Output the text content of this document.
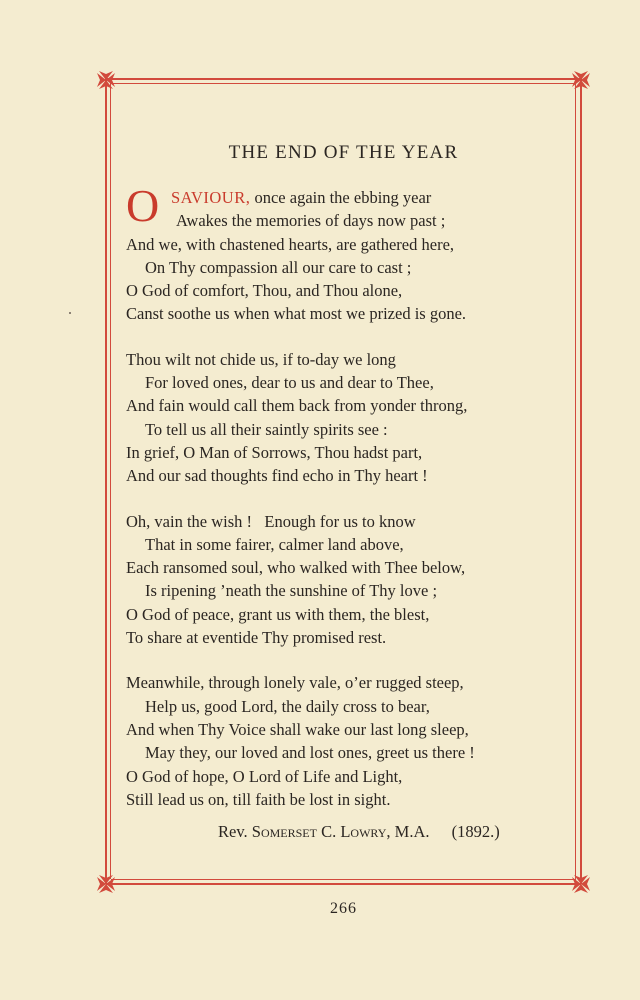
THE END OF THE YEAR
O SAVIOUR, once again the ebbing year
Awakes the memories of days now past ;
And we, with chastened hearts, are gathered here,
On Thy compassion all our care to cast ;
O God of comfort, Thou, and Thou alone,
Canst soothe us when what most we prized is gone.
Thou wilt not chide us, if to-day we long
For loved ones, dear to us and dear to Thee,
And fain would call them back from yonder throng,
To tell us all their saintly spirits see :
In grief, O Man of Sorrows, Thou hadst part,
And our sad thoughts find echo in Thy heart !
Oh, vain the wish !   Enough for us to know
That in some fairer, calmer land above,
Each ransomed soul, who walked with Thee below,
Is ripening ’neath the sunshine of Thy love ;
O God of peace, grant us with them, the blest,
To share at eventide Thy promised rest.
Meanwhile, through lonely vale, o’er rugged steep,
Help us, good Lord, the daily cross to bear,
And when Thy Voice shall wake our last long sleep,
May they, our loved and lost ones, greet us there !
O God of hope, O Lord of Life and Light,
Still lead us on, till faith be lost in sight.
Rev. Somerset C. Lowry, M.A. (1892.)
266
